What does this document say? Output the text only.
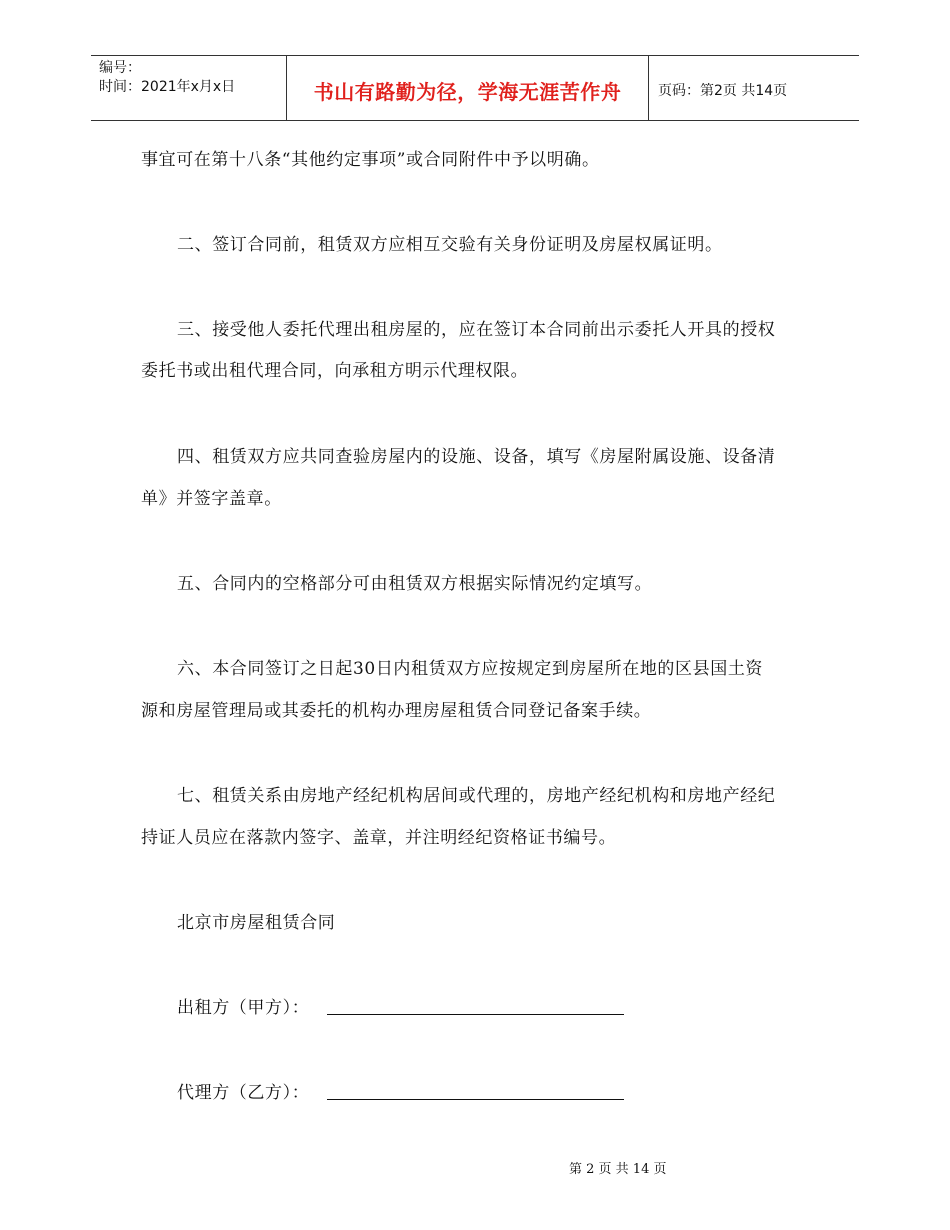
编号：
时间：2021年x月x日	书山有路勤为径，学海无涯苦作舟	页码：第2页 共14页
事宜可在第十八条“其他约定事项”或合同附件中予以明确。
二、签订合同前，租赁双方应相互交验有关身份证明及房屋权属证明。
三、接受他人委托代理出租房屋的，应在签订本合同前出示委托人开具的授权
委托书或出租代理合同，向承租方明示代理权限。
四、租赁双方应共同查验房屋内的设施、设备，填写《房屋附属设施、设备清
单》并签字盖章。
五、合同内的空格部分可由租赁双方根据实际情况约定填写。
六、本合同签订之日起30日内租赁双方应按规定到房屋所在地的区县国土资
源和房屋管理局或其委托的机构办理房屋租赁合同登记备案手续。
七、租赁关系由房地产经纪机构居间或代理的，房地产经纪机构和房地产经纪
持证人员应在落款内签字、盖章，并注明经纪资格证书编号。
北京市房屋租赁合同
出租方（甲方）：
代理方（乙方）：
第 2 页 共 14 页
